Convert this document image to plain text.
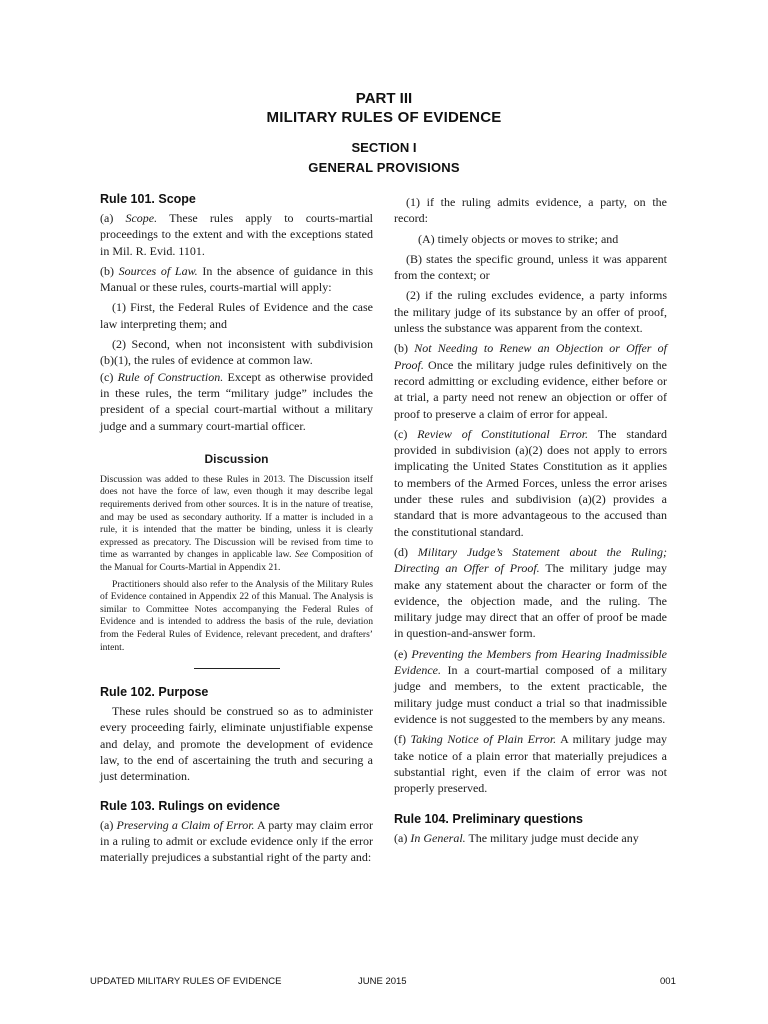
PART III
MILITARY RULES OF EVIDENCE
SECTION I
GENERAL PROVISIONS
Rule 101. Scope

(a) Scope. These rules apply to courts-martial proceedings to the extent and with the exceptions stated in Mil. R. Evid. 1101.

(b) Sources of Law. In the absence of guidance in this Manual or these rules, courts-martial will apply:

(1) First, the Federal Rules of Evidence and the case law interpreting them; and

(2) Second, when not inconsistent with subdivision (b)(1), the rules of evidence at common law.

(c) Rule of Construction. Except as otherwise provided in these rules, the term “military judge” includes the president of a special court-martial without a military judge and a summary court-martial officer.

Discussion

Discussion was added to these Rules in 2013. The Discussion itself does not have the force of law, even though it may describe legal requirements derived from other sources. It is in the nature of treatise, and may be used as secondary authority. If a matter is included in a rule, it is intended that the matter be binding, unless it is clearly expressed as precatory. The Discussion will be revised from time to time as warranted by changes in applicable law. See Composition of the Manual for Courts-Martial in Appendix 21.

Practitioners should also refer to the Analysis of the Military Rules of Evidence contained in Appendix 22 of this Manual. The Analysis is similar to Committee Notes accompanying the Federal Rules of Evidence and is intended to address the basis of the rule, deviation from the Federal Rules of Evidence, relevant precedent, and drafters’ intent.

Rule 102. Purpose

These rules should be construed so as to administer every proceeding fairly, eliminate unjustifiable expense and delay, and promote the development of evidence law, to the end of ascertaining the truth and securing a just determination.

Rule 103. Rulings on evidence

(a) Preserving a Claim of Error. A party may claim error in a ruling to admit or exclude evidence only if the error materially prejudices a substantial right of the party and:

(1) if the ruling admits evidence, a party, on the record:

(A) timely objects or moves to strike; and

(B) states the specific ground, unless it was apparent from the context; or

(2) if the ruling excludes evidence, a party informs the military judge of its substance by an offer of proof, unless the substance was apparent from the context.

(b) Not Needing to Renew an Objection or Offer of Proof. Once the military judge rules definitively on the record admitting or excluding evidence, either before or at trial, a party need not renew an objection or offer of proof to preserve a claim of error for appeal.

(c) Review of Constitutional Error. The standard provided in subdivision (a)(2) does not apply to errors implicating the United States Constitution as it applies to members of the Armed Forces, unless the error arises under these rules and subdivision (a)(2) provides a standard that is more advantageous to the accused than the constitutional standard.

(d) Military Judge’s Statement about the Ruling; Directing an Offer of Proof. The military judge may make any statement about the character or form of the evidence, the objection made, and the ruling. The military judge may direct that an offer of proof be made in question-and-answer form.

(e) Preventing the Members from Hearing Inadmissible Evidence. In a court-martial composed of a military judge and members, to the extent practicable, the military judge must conduct a trial so that inadmissible evidence is not suggested to the members by any means.

(f) Taking Notice of Plain Error. A military judge may take notice of a plain error that materially prejudices a substantial right, even if the claim of error was not properly preserved.

Rule 104. Preliminary questions

(a) In General. The military judge must decide any

UPDATED MILITARY RULES OF EVIDENCE	JUNE 2015	001
